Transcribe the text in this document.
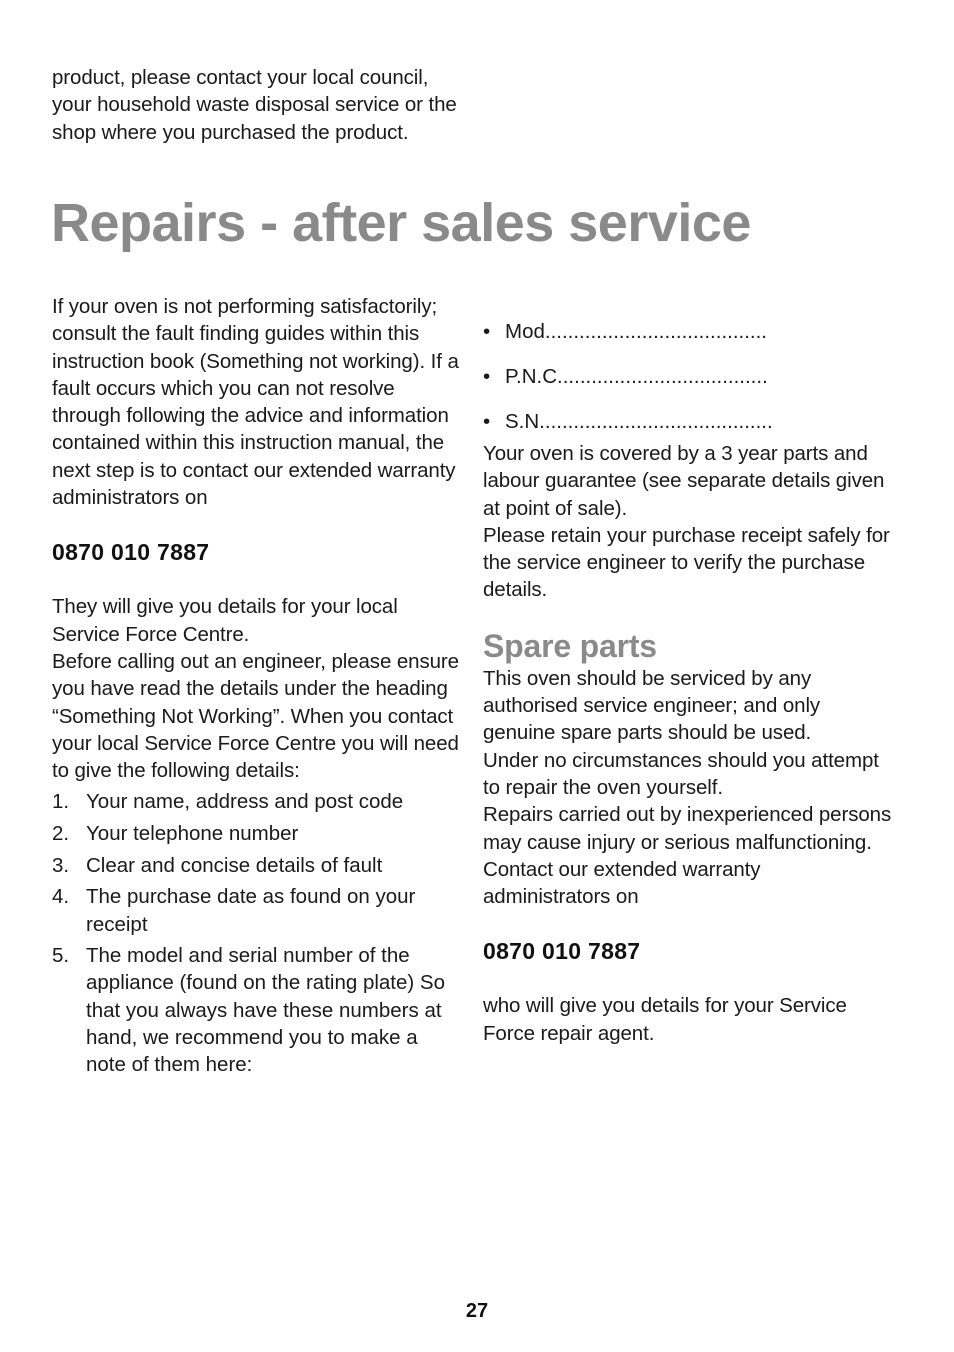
product, please contact your local council, your household waste disposal service or the shop where you purchased the product.

Repairs - after sales service

If your oven is not performing satisfactorily; consult the fault finding guides within this instruction book (Something not working). If a fault occurs which you can not resolve through following the advice and information contained within this instruction manual, the next step is to contact our extended warranty administrators on

0870 010 7887

They will give you details for your local Service Force Centre.

Before calling out an engineer, please ensure you have read the details under the heading “Something Not Working”. When you contact your local Service Force Centre you will need to give the following details:

1. Your name, address and post code
2. Your telephone number
3. Clear and concise details of fault
4. The purchase date as found on your receipt
5. The model and serial number of the appliance (found on the rating plate) So that you always have these numbers at hand, we recommend you to make a note of them here:
• Mod.......................................
• P.N.C.....................................
• S.N.........................................

Your oven is covered by a 3 year parts and labour guarantee (see separate details given at point of sale).

Please retain your purchase receipt safely for the service engineer to verify the purchase details.

Spare parts

This oven should be serviced by any authorised service engineer; and only genuine spare parts should be used.

Under no circumstances should you attempt to repair the oven yourself.

Repairs carried out by inexperienced persons may cause injury or serious malfunctioning.

Contact our extended warranty administrators on

0870 010 7887

who will give you details for your Service Force repair agent.

27
